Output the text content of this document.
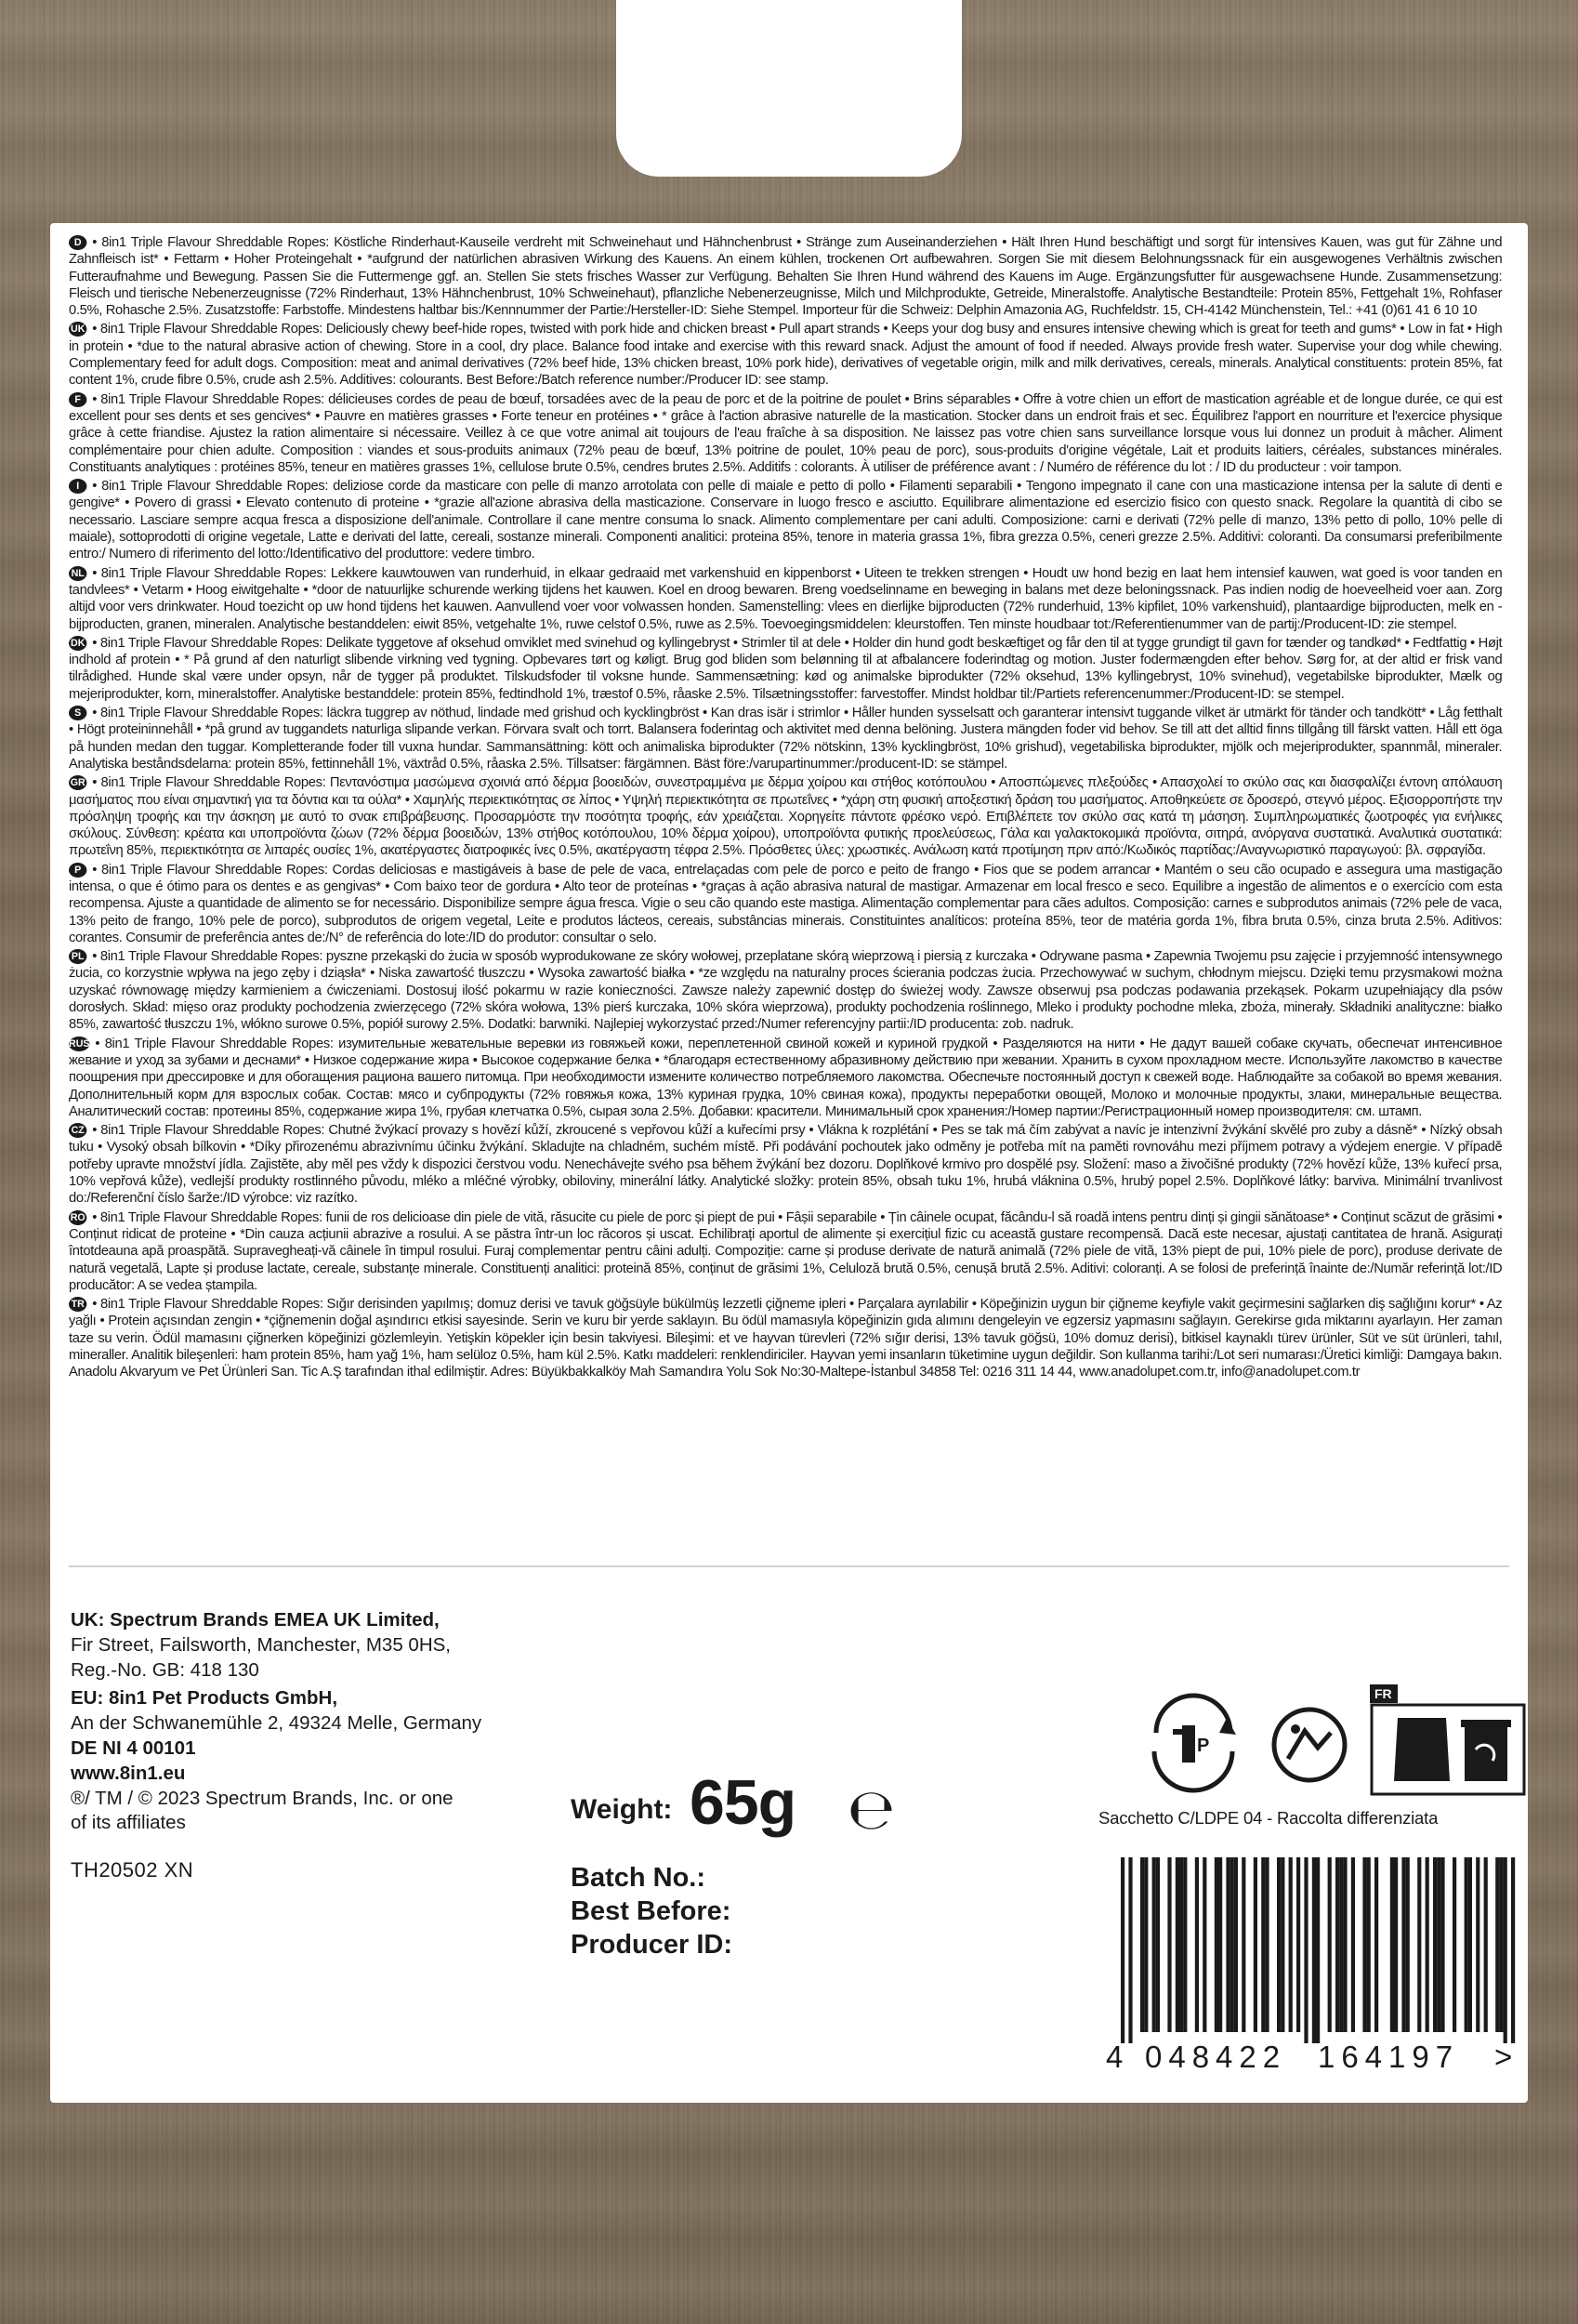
D • 8in1 Triple Flavour Shreddable Ropes: Köstliche Rinderhaut-Kauseile verdreht mit Schweinehaut und Hähnchenbrust • Stränge zum Auseinanderziehen • Hält Ihren Hund beschäftigt und sorgt für intensives Kauen, was gut für Zähne und Zahnfleisch ist* • Fettarm • Hoher Proteingehalt • *aufgrund der natürlichen abrasiven Wirkung des Kauens. An einem kühlen, trockenen Ort aufbewahren. Sorgen Sie mit diesem Belohnungssnack für ein ausgewogenes Verhältnis zwischen Futteraufnahme und Bewegung. Passen Sie die Futtermenge ggf. an. Stellen Sie stets frisches Wasser zur Verfügung. Behalten Sie Ihren Hund während des Kauens im Auge. Ergänzungsfutter für ausgewachsene Hunde. Zusammensetzung: Fleisch und tierische Nebenerzeugnisse (72% Rinderhaut, 13% Hähnchenbrust, 10% Schweinehaut), pflanzliche Nebenerzeugnisse, Milch und Milchprodukte, Getreide, Mineralstoffe. Analytische Bestandteile: Protein 85%, Fettgehalt 1%, Rohfaser 0.5%, Rohasche 2.5%. Zusatzstoffe: Farbstoffe. Mindestens haltbar bis:/Kennnummer der Partie:/Hersteller-ID: Siehe Stempel. Importeur für die Schweiz: Delphin Amazonia AG, Ruchfeldstr. 15, CH-4142 Münchenstein, Tel.: +41 (0)61 41 6 10 10

UK • 8in1 Triple Flavour Shreddable Ropes: Deliciously chewy beef-hide ropes, twisted with pork hide and chicken breast • Pull apart strands • Keeps your dog busy and ensures intensive chewing which is great for teeth and gums* • Low in fat • High in protein • *due to the natural abrasive action of chewing. Store in a cool, dry place. Balance food intake and exercise with this reward snack. Adjust the amount of food if needed. Always provide fresh water. Supervise your dog while chewing. Complementary feed for adult dogs. Composition: meat and animal derivatives (72% beef hide, 13% chicken breast, 10% pork hide), derivatives of vegetable origin, milk and milk derivatives, cereals, minerals. Analytical constituents: protein 85%, fat content 1%, crude fibre 0.5%, crude ash 2.5%. Additives: colourants. Best Before:/Batch reference number:/Producer ID: see stamp.

F • 8in1 Triple Flavour Shreddable Ropes: délicieuses cordes de peau de bœuf, torsadées avec de la peau de porc et de la poitrine de poulet • Brins séparables • Offre à votre chien un effort de mastication agréable et de longue durée, ce qui est excellent pour ses dents et ses gencives* • Pauvre en matières grasses • Forte teneur en protéines • * grâce à l'action abrasive naturelle de la mastication. Stocker dans un endroit frais et sec. Équilibrez l'apport en nourriture et l'exercice physique grâce à cette friandise. Ajustez la ration alimentaire si nécessaire. Veillez à ce que votre animal ait toujours de l'eau fraîche à sa disposition. Ne laissez pas votre chien sans surveillance lorsque vous lui donnez un produit à mâcher. Aliment complémentaire pour chien adulte. Composition : viandes et sous-produits animaux (72% peau de bœuf, 13% poitrine de poulet, 10% peau de porc), sous-produits d'origine végétale, Lait et produits laitiers, céréales, substances minérales. Constituants analytiques : protéines 85%, teneur en matières grasses 1%, cellulose brute 0.5%, cendres brutes 2.5%. Additifs : colorants. À utiliser de préférence avant : / Numéro de référence du lot : / ID du producteur : voir tampon.

I • 8in1 Triple Flavour Shreddable Ropes: deliziose corde da masticare con pelle di manzo arrotolata con pelle di maiale e petto di pollo • Filamenti separabili • Tengono impegnato il cane con una masticazione intensa per la salute di denti e gengive* • Povero di grassi • Elevato contenuto di proteine • *grazie all'azione abrasiva della masticazione. Conservare in luogo fresco e asciutto. Equilibrare alimentazione ed esercizio fisico con questo snack. Regolare la quantità di cibo se necessario. Lasciare sempre acqua fresca a disposizione dell'animale. Controllare il cane mentre consuma lo snack. Alimento complementare per cani adulti. Composizione: carni e derivati (72% pelle di manzo, 13% petto di pollo, 10% pelle di maiale), sottoprodotti di origine vegetale, Latte e derivati del latte, cereali, sostanze minerali. Componenti analitici: proteina 85%, tenore in materia grassa 1%, fibra grezza 0.5%, ceneri grezze 2.5%. Additivi: coloranti. Da consumarsi preferibilmente entro:/ Numero di riferimento del lotto:/Identificativo del produttore: vedere timbro.

NL • 8in1 Triple Flavour Shreddable Ropes: Lekkere kauwtouwen van runderhuid, in elkaar gedraaid met varkenshuid en kippenborst • Uiteen te trekken strengen • Houdt uw hond bezig en laat hem intensief kauwen, wat goed is voor tanden en tandvlees* • Vetarm • Hoog eiwitgehalte • *door de natuurlijke schurende werking tijdens het kauwen. Koel en droog bewaren. Breng voedselinname en beweging in balans met deze beloningssnack. Pas indien nodig de hoeveelheid voer aan. Zorg altijd voor vers drinkwater. Houd toezicht op uw hond tijdens het kauwen. Aanvullend voer voor volwassen honden. Samenstelling: vlees en dierlijke bijproducten (72% runderhuid, 13% kipfilet, 10% varkenshuid), plantaardige bijproducten, melk en -bijproducten, granen, mineralen. Analytische bestanddelen: eiwit 85%, vetgehalte 1%, ruwe celstof 0.5%, ruwe as 2.5%. Toevoegingsmiddelen: kleurstoffen. Ten minste houdbaar tot:/Referentienummer van de partij:/Producent-ID: zie stempel.

DK • 8in1 Triple Flavour Shreddable Ropes: Delikate tyggetove af oksehud omviklet med svinehud og kyllingebryst • Strimler til at dele • Holder din hund godt beskæftiget og får den til at tygge grundigt til gavn for tænder og tandkød* • Fedtfattig • Højt indhold af protein • * På grund af den naturligt slibende virkning ved tygning. Opbevares tørt og køligt. Brug god bliden som belønning til at afbalancere foderindtag og motion. Juster fodermængden efter behov. Sørg for, at der altid er frisk vand tilrådighed. Hunde skal være under opsyn, når de tygger på produktet. Tilskudsfoder til voksne hunde. Sammensætning: kød og animalske biprodukter (72% oksehud, 13% kyllingebryst, 10% svinehud), vegetabilske biprodukter, Mælk og mejeriprodukter, korn, mineralstoffer. Analytiske bestanddele: protein 85%, fedtindhold 1%, træstof 0.5%, råaske 2.5%. Tilsætningsstoffer: farvestoffer. Mindst holdbar til:/Partiets referencenummer:/Producent-ID: se stempel.

S • 8in1 Triple Flavour Shreddable Ropes: läckra tuggrep av nöthud, lindade med grishud och kycklingbröst • Kan dras isär i strimlor • Håller hunden sysselsatt och garanterar intensivt tuggande vilket är utmärkt för tänder och tandkött* • Låg fetthalt • Högt proteininnehåll • *på grund av tuggandets naturliga slipande verkan. Förvara svalt och torrt. Balansera foderintag och aktivitet med denna belöning. Justera mängden foder vid behov. Se till att det alltid finns tillgång till färskt vatten. Håll ett öga på hunden medan den tuggar. Kompletterande foder till vuxna hundar. Sammansättning: kött och animaliska biprodukter (72% nötskinn, 13% kycklingbröst, 10% grishud), vegetabiliska biprodukter, mjölk och mejeriprodukter, spannmål, mineraler. Analytiska beståndsdelarna: protein 85%, fettinnehåll 1%, växtråd 0.5%, råaska 2.5%. Tillsatser: färgämnen. Bäst före:/varupartinummer:/producent-ID: se stämpel.

GR • 8in1 Triple Flavour Shreddable Ropes: Πεντανόστιμα μασώμενα σχοινιά από δέρμα βοοειδών, συνεστραμμένα με δέρμα χοίρου και στήθος κοτόπουλου • Αποσπώμενες πλεξούδες • Απασχολεί το σκύλο σας και διασφαλίζει έντονη απόλαυση μασήματος που είναι σημαντική για τα δόντια και τα ούλα* • Χαμηλής περιεκτικότητας σε λίπος • Υψηλή περιεκτικότητα σε πρωτεΐνες • *χάρη στη φυσική αποξεστική δράση του μασήματος. Αποθηκεύετε σε δροσερό, στεγνό μέρος. Εξισορροπήστε την πρόσληψη τροφής και την άσκηση με αυτό το σνακ επιβράβευσης. Προσαρμόστε την ποσότητα τροφής, εάν χρειάζεται. Χορηγείτε πάντοτε φρέσκο νερό. Επιβλέπετε τον σκύλο σας κατά τη μάσηση. Συμπληρωματικές ζωοτροφές για ενήλικες σκύλους. Σύνθεση: κρέατα και υποπροϊόντα ζώων (72% δέρμα βοοειδών, 13% στήθος κοτόπουλου, 10% δέρμα χοίρου), υποπροϊόντα φυτικής προελεύσεως, Γάλα και γαλακτοκομικά προϊόντα, σιτηρά, ανόργανα συστατικά. Αναλυτικά συστατικά: πρωτεΐνη 85%, περιεκτικότητα σε λιπαρές ουσίες 1%, ακατέργαστες διατροφικές ίνες 0.5%, ακατέργαστη τέφρα 2.5%. Πρόσθετες ύλες: χρωστικές. Ανάλωση κατά προτίμηση πριν από:/Κωδικός παρτίδας:/Αναγνωριστικό παραγωγού: βλ. σφραγίδα.

P • 8in1 Triple Flavour Shreddable Ropes: Cordas deliciosas e mastigáveis à base de pele de vaca, entrelaçadas com pele de porco e peito de frango • Fios que se podem arrancar • Mantém o seu cão ocupado e assegura uma mastigação intensa, o que é ótimo para os dentes e as gengivas* • Com baixo teor de gordura • Alto teor de proteínas • *graças à ação abrasiva natural de mastigar. Armazenar em local fresco e seco. Equilibre a ingestão de alimentos e o exercício com esta recompensa. Ajuste a quantidade de alimento se for necessário. Disponibilize sempre água fresca. Vigie o seu cão quando este mastiga. Alimentação complementar para cães adultos. Composição: carnes e subprodutos animais (72% pele de vaca, 13% peito de frango, 10% pele de porco), subprodutos de origem vegetal, Leite e produtos lácteos, cereais, substâncias minerais. Constituintes analíticos: proteína 85%, teor de matéria gorda 1%, fibra bruta 0.5%, cinza bruta 2.5%. Aditivos: corantes. Consumir de preferência antes de:/N° de referência do lote:/ID do produtor: consultar o selo.

PL • 8in1 Triple Flavour Shreddable Ropes: pyszne przekąski do żucia w sposób wyprodukowane ze skóry wołowej, przeplatane skórą wieprzową i piersią z kurczaka • Odrywane pasma • Zapewnia Twojemu psu zajęcie i przyjemność intensywnego żucia, co korzystnie wpływa na jego zęby i dziąsła* • Niska zawartość tłuszczu • Wysoka zawartość białka • *ze względu na naturalny proces ścierania podczas żucia. Przechowywać w suchym, chłodnym miejscu. Dzięki temu przysmakowi można uzyskać równowagę między karmieniem a ćwiczeniami. Dostosuj ilość pokarmu w razie konieczności. Zawsze należy zapewnić dostęp do świeżej wody. Zawsze obserwuj psa podczas podawania przekąsek. Pokarm uzupełniający dla psów dorosłych. Skład: mięso oraz produkty pochodzenia zwierzęcego (72% skóra wołowa, 13% pierś kurczaka, 10% skóra wieprzowa), produkty pochodzenia roślinnego, Mleko i produkty pochodne mleka, zboża, minerały. Składniki analityczne: białko 85%, zawartość tłuszczu 1%, włókno surowe 0.5%, popiół surowy 2.5%. Dodatki: barwniki. Najlepiej wykorzystać przed:/Numer referencyjny partii:/ID producenta: zob. nadruk.

RUS • 8in1 Triple Flavour Shreddable Ropes: изумительные жевательные веревки из говяжьей кожи, переплетенной свиной кожей и куриной грудкой • Разделяются на нити • Не дадут вашей собаке скучать, обеспечат интенсивное жевание и уход за зубами и деснами* • Низкое содержание жира • Высокое содержание белка • *благодаря естественному абразивному действию при жевании. Хранить в сухом прохладном месте. Используйте лакомство в качестве поощрения при дрессировке и для обогащения рациона вашего питомца. При необходимости измените количество потребляемого лакомства. Обеспечьте постоянный доступ к свежей воде. Наблюдайте за собакой во время жевания. Дополнительный корм для взрослых собак. Состав: мясо и субпродукты (72% говяжья кожа, 13% куриная грудка, 10% свиная кожа), продукты переработки овощей, Молоко и молочные продукты, злаки, минеральные вещества. Аналитический состав: протеины 85%, содержание жира 1%, грубая клетчатка 0.5%, сырая зола 2.5%. Добавки: красители. Минимальный срок хранения:/Номер партии:/Регистрационный номер производителя: см. штамп.

CZ • 8in1 Triple Flavour Shreddable Ropes: Chutné žvýkací provazy s hovězí kůží, zkroucené s vepřovou kůží a kuřecími prsy • Vlákna k rozplétání • Pes se tak má čím zabývat a navíc je intenzivní žvýkání skvělé pro zuby a dásně* • Nízký obsah tuku • Vysoký obsah bílkovin • *Díky přirozenému abrazivnímu účinku žvýkání. Skladujte na chladném, suchém místě. Při podávání pochoutek jako odměny je potřeba mít na paměti rovnováhu mezi příjmem potravy a výdejem energie. V případě potřeby upravte množství jídla. Zajistěte, aby měl pes vždy k dispozici čerstvou vodu. Nenechávejte svého psa během žvýkání bez dozoru. Doplňkové krmivo pro dospělé psy. Složení: maso a živočišné produkty (72% hovězí kůže, 13% kuřecí prsa, 10% vepřová kůže), vedlejší produkty rostlinného původu, mléko a mléčné výrobky, obiloviny, minerální látky. Analytické složky: protein 85%, obsah tuku 1%, hrubá vláknina 0.5%, hrubý popel 2.5%. Doplňkové látky: barviva. Minimální trvanlivost do:/Referenční číslo šarže:/ID výrobce: viz razítko.

RO • 8in1 Triple Flavour Shreddable Ropes: funii de ros delicioase din piele de vită, răsucite cu piele de porc și piept de pui • Fâșii separabile • Țin câinele ocupat, făcându-l să roadă intens pentru dinți și gingii sănătoase* • Conținut scăzut de grăsimi • Conținut ridicat de proteine • *Din cauza acțiunii abrazive a rosului. A se păstra într-un loc răcoros și uscat. Echilibrați aportul de alimente și exercițiul fizic cu această gustare recompensă. Dacă este necesar, ajustați cantitatea de hrană. Asigurați întotdeauna apă proaspătă. Supravegheați-vă câinele în timpul rosului. Furaj complementar pentru câini adulți. Compoziție: carne și produse derivate de natură animală (72% piele de vită, 13% piept de pui, 10% piele de porc), produse derivate de natură vegetală, Lapte și produse lactate, cereale, substanțe minerale. Constituenți analitici: proteină 85%, conținut de grăsimi 1%, Celuloză brută 0.5%, cenușă brută 2.5%. Aditivi: coloranți. A se folosi de preferință înainte de:/Număr referință lot:/ID producător: A se vedea ștampila.

TR • 8in1 Triple Flavour Shreddable Ropes: Sığır derisinden yapılmış; domuz derisi ve tavuk göğsüyle bükülmüş lezzetli çiğneme ipleri • Parçalara ayrılabilir • Köpeğinizin uygun bir çiğneme keyfiyle vakit geçirmesini sağlarken diş sağlığını korur* • Az yağlı • Protein açısından zengin • *çiğnemenin doğal aşındırıcı etkisi sayesinde. Serin ve kuru bir yerde saklayın. Bu ödül mamasıyla köpeğinizin gıda alımını dengeleyin ve egzersiz yapmasını sağlayın. Gerekirse gıda miktarını ayarlayın. Her zaman taze su verin. Ödül mamasını çiğnerken köpeğinizi gözlemleyin. Yetişkin köpekler için besin takviyesi. Bileşimi: et ve hayvan türevleri (72% sığır derisi, 13% tavuk göğsü, 10% domuz derisi), bitkisel kaynaklı türev ürünler, Süt ve süt ürünleri, tahıl, mineraller. Analitik bileşenleri: ham protein 85%, ham yağ 1%, ham selüloz 0.5%, ham kül 2.5%. Katkı maddeleri: renklendiriciler. Hayvan yemi insanların tüketimine uygun değildir. Son kullanma tarihi:/Lot seri numarası:/Üretici kimliği: Damgaya bakın. Anadolu Akvaryum ve Pet Ürünleri San. Tic A.Ş tarafından ithal edilmiştir. Adres: Büyükbakkalköy Mah Samandıra Yolu Sok No:30-Maltepe-İstanbul 34858 Tel: 0216 311 14 44, www.anadolupet.com.tr, info@anadolupet.com.tr

UK: Spectrum Brands EMEA UK Limited,
Fir Street, Failsworth, Manchester, M35 0HS,
Reg.-No. GB: 418 130
EU: 8in1 Pet Products GmbH,
An der Schwanemühle 2, 49324 Melle, Germany
DE NI 4 00101
www.8in1.eu
®/ TM / © 2023 Spectrum Brands, Inc. or one
of its affiliates
TH20502 XN
Weight: 65g ℮
Batch No.:
Best Before:
Producer ID:
P
FR
Sacchetto C/LDPE 04 - Raccolta differenziata
4 048422 164197 >
